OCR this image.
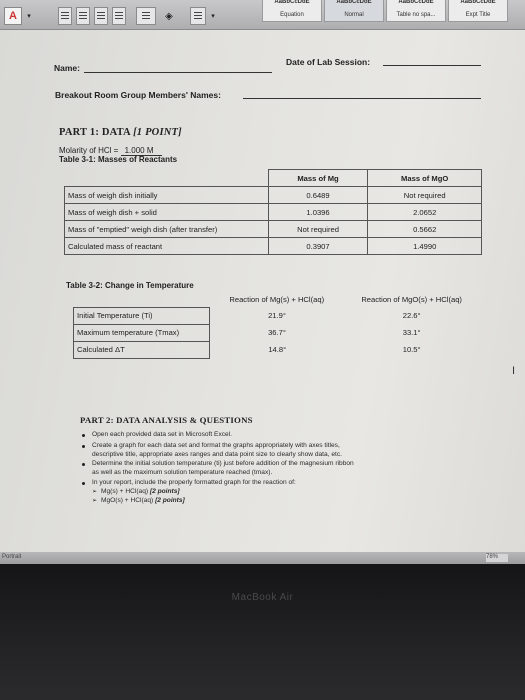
A	▾	◈	▾
AaBbCcDdE
Equation
AaBbCcDdE
Normal
AaBbCcDdE
Table no spa...
AaBbCcDdE
Expt Title
Name:
Date of Lab Session:
Breakout Room Group Members' Names:
PART 1: DATA [1 POINT]
Molarity of HCl = 1.000 M
Table 3-1: Masses of Reactants
	Mass of Mg	Mass of MgO
Mass of weigh dish initially	0.6489	Not required
Mass of weigh dish + solid	1.0396	2.0652
Mass of "emptied" weigh dish (after transfer)	Not required	0.5662
Calculated mass of reactant	0.3907	1.4990
Table 3-2: Change in Temperature
	Reaction of Mg(s) + HCl(aq)	Reaction of MgO(s) + HCl(aq)
Initial Temperature (Ti)	21.9°	22.6°
Maximum temperature (Tmax)	36.7°	33.1°
Calculated ΔT	14.8°	10.5°
I
PART 2: DATA ANALYSIS & QUESTIONS
Open each provided data set in Microsoft Excel.
Create a graph for each data set and format the graphs appropriately with axes titles,
descriptive title, appropriate axes ranges and data point size to clearly show data, etc.
Determine the initial solution temperature (ti) just before addition of the magnesium ribbon
as well as the maximum solution temperature reached (tmax).
In your report, include the properly formatted graph for the reaction of:
➢ Mg(s) + HCl(aq) [2 points]
➢ MgO(s) + HCl(aq) [2 points]
Portrait	78%
MacBook Air
